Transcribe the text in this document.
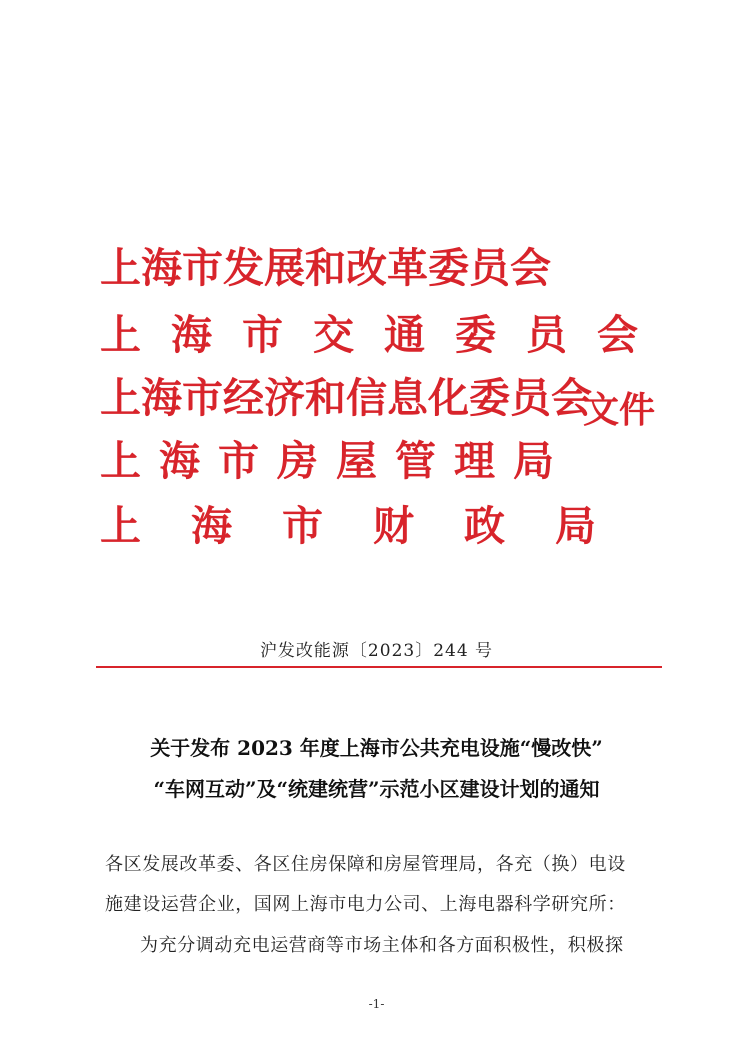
上海市发展和改革委员会
上海市交通委员会
上海市经济和信息化委员会
文件
上海市房屋管理局
上海市财政局
沪发改能源〔2023〕244 号
关于发布 2023 年度上海市公共充电设施“慢改快”
“车网互动”及“统建统营”示范小区建设计划的通知
各区发展改革委、各区住房保障和房屋管理局，各充（换）电设
施建设运营企业，国网上海市电力公司、上海电器科学研究所：
为充分调动充电运营商等市场主体和各方面积极性，积极探
-1-
